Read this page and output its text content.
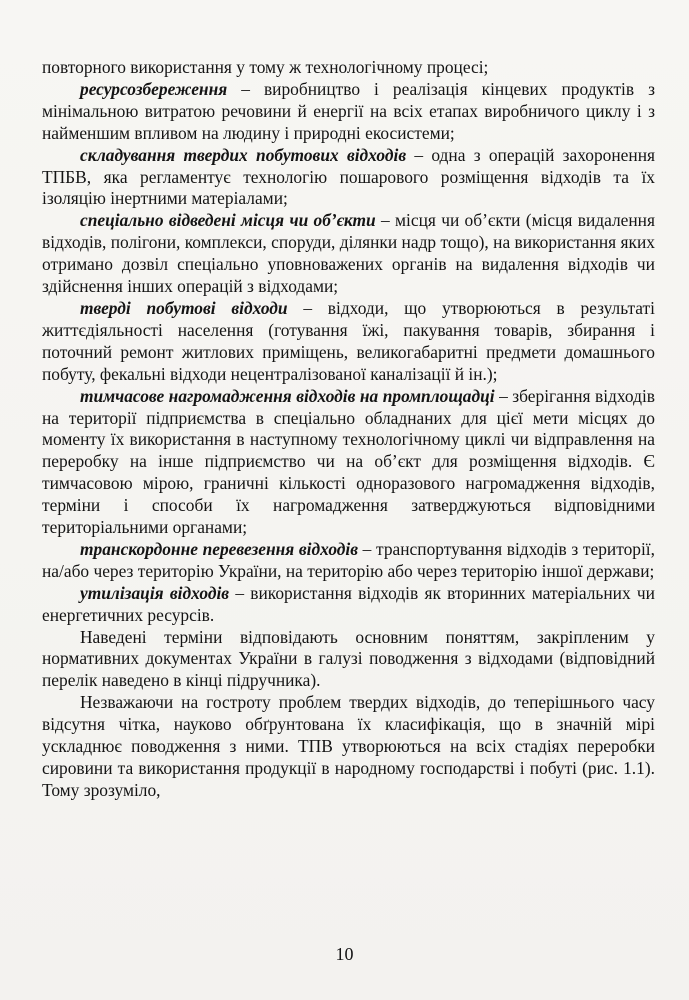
повторного використання у тому ж технологічному процесі;

ресурсозбереження – виробництво і реалізація кінцевих продуктів з мінімальною витратою речовини й енергії на всіх етапах виробничого циклу і з найменшим впливом на людину і природні екосистеми;

складування твердих побутових відходів – одна з операцій захоронення ТПБВ, яка регламентує технологію пошарового розміщення відходів та їх ізоляцію інертними матеріалами;

спеціально відведені місця чи об’єкти – місця чи об’єкти (місця видалення відходів, полігони, комплекси, споруди, ділянки надр тощо), на використання яких отримано дозвіл спеціально уповноважених органів на видалення відходів чи здійснення інших операцій з відходами;

тверді побутові відходи – відходи, що утворюються в результаті життєдіяльності населення (готування їжі, пакування товарів, збирання і поточний ремонт житлових приміщень, великогабаритні предмети домашнього побуту, фекальні відходи нецентралізованої каналізації й ін.);

тимчасове нагромадження відходів на промплощадці – зберігання відходів на території підприємства в спеціально обладнаних для цієї мети місцях до моменту їх використання в наступному технологічному циклі чи відправлення на переробку на інше підприємство чи на об’єкт для розміщення відходів. Є тимчасовою мірою, граничні кількості одноразового нагромадження відходів, терміни і способи їх нагромадження затверджуються відповідними територіальними органами;

транскордонне перевезення відходів – транспортування відходів з території, на/або через територію України, на територію або через територію іншої держави;

утилізація відходів – використання відходів як вторинних матеріальних чи енергетичних ресурсів.

Наведені терміни відповідають основним поняттям, закріпленим у нормативних документах України в галузі поводження з відходами (відповідний перелік наведено в кінці підручника).

Незважаючи на гостроту проблем твердих відходів, до теперішнього часу відсутня чітка, науково обґрунтована їх класифікація, що в значній мірі ускладнює поводження з ними. ТПВ утворюються на всіх стадіях переробки сировини та використання продукції в народному господарстві і побуті (рис. 1.1). Тому зрозуміло,

10
